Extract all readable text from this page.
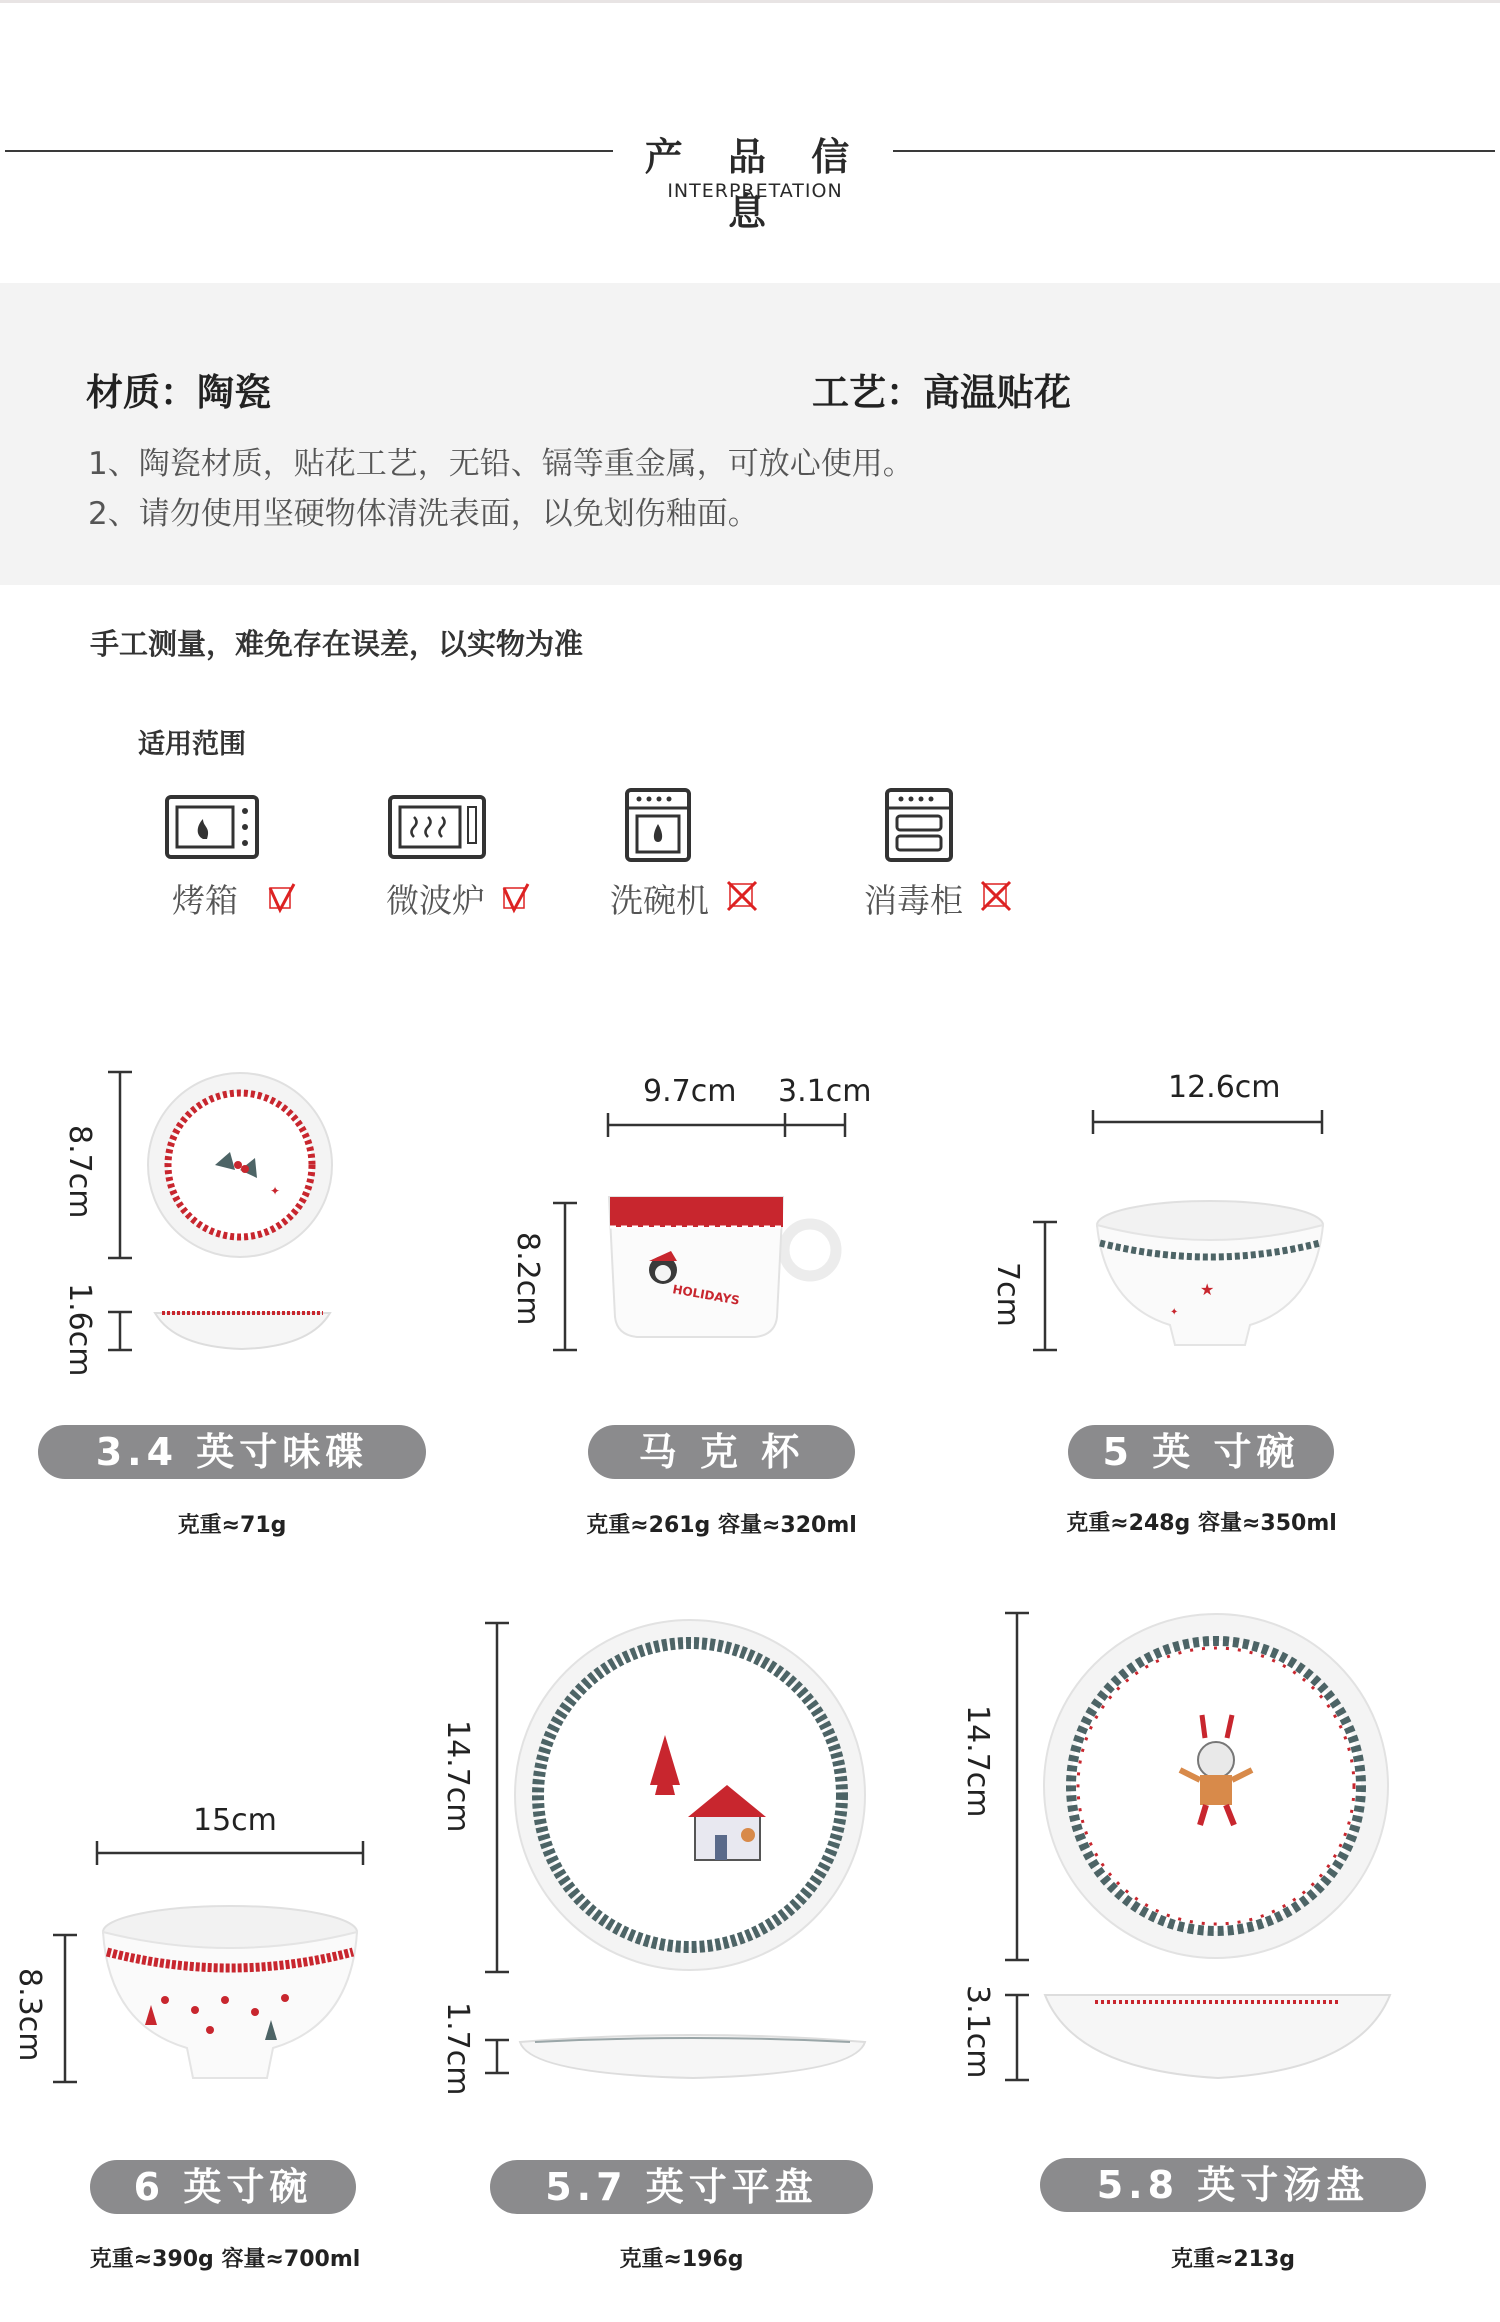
产 品 信 息
INTERPRETATION
材质：陶瓷	工艺：高温贴花
1、陶瓷材质，贴花工艺，无铅、镉等重金属，可放心使用。
2、请勿使用坚硬物体清洗表面，以免划伤釉面。
手工测量，难免存在误差，以实物为准
适用范围
烤箱	微波炉	洗碗机	消毒柜
✦
8.7cm
1.6cm
9.7cm 3.1cm
8.2cm	HOLIDAYS
12.6cm
7cm	★
✦
3.4 英寸味碟
克重≈71g
马 克 杯
克重≈261g 容量≈320ml
5 英 寸碗
克重≈248g 容量≈350ml
15cm
8.3cm
14.7cm
1.7cm
14.7cm
3.1cm
6 英寸碗
克重≈390g 容量≈700ml
5.7 英寸平盘
克重≈196g
5.8 英寸汤盘
克重≈213g
